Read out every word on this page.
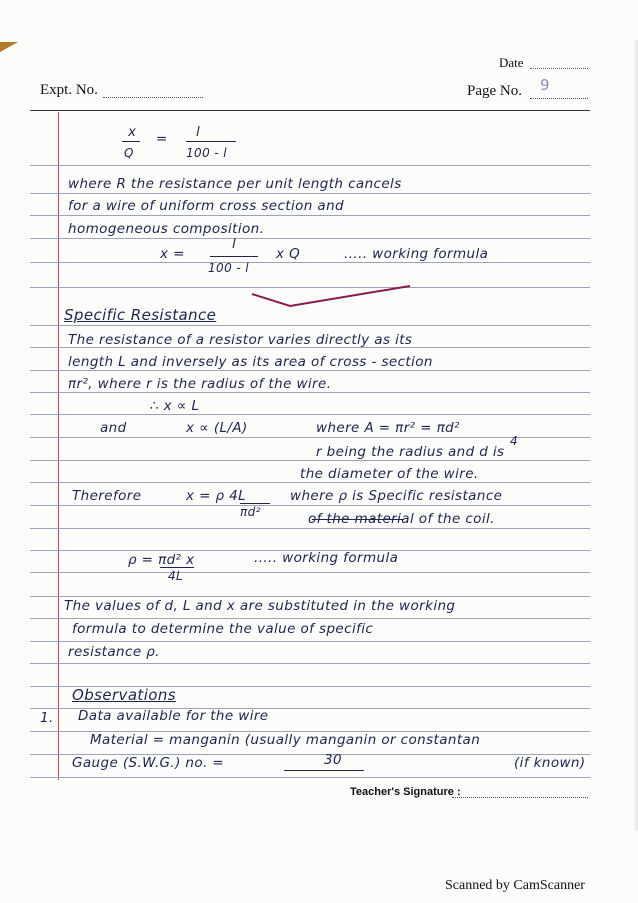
Date
Expt. No.	Page No. 9
x = l
Q	100 - l
where R the resistance per unit length cancels
for a wire of uniform cross section and
homogeneous composition.
x =
l
100 - l
x Q	..... working formula
Specific Resistance
The resistance of a resistor varies directly as its
length L and inversely as its area of cross - section
πr², where r is the radius of the wire.
∴ x ∝ L
and	x ∝ (L/A)	where A = πr² = πd²
4
r being the radius and d is
the diameter of the wire.
Therefore	x = ρ 4L
πd²
where ρ is Specific resistance
of the material of the coil.
ρ = πd² x
4L
..... working formula
The values of d, L and x are substituted in the working
formula to determine the value of specific
resistance ρ.
Observations
1. Data available for the wire
Material = manganin (usually manganin or constantan
Gauge (S.W.G.) no. =	30	(if known)
Teacher's Signature :
Scanned by CamScanner
